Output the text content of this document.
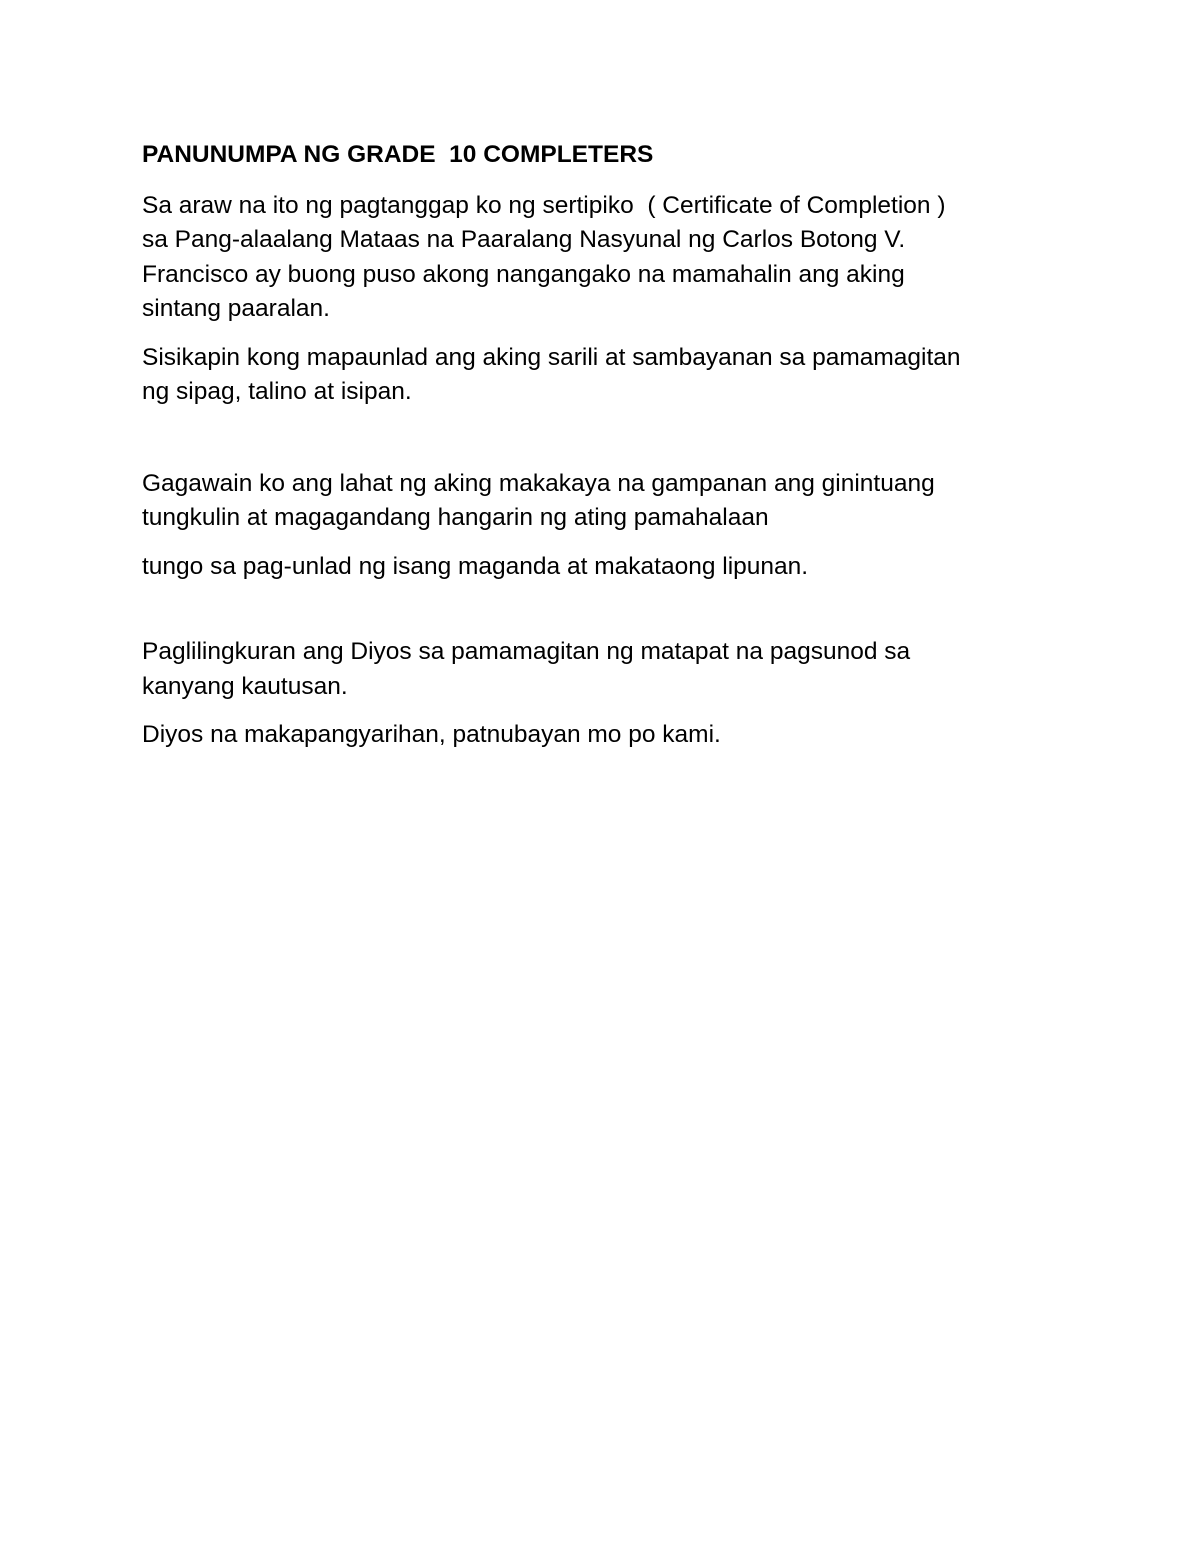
PANUNUMPA NG GRADE  10 COMPLETERS
Sa araw na ito ng pagtanggap ko ng sertipiko  ( Certificate of Completion )
sa Pang-alaalang Mataas na Paaralang Nasyunal ng Carlos Botong V.
Francisco ay buong puso akong nangangako na mamahalin ang aking
sintang paaralan.
Sisikapin kong mapaunlad ang aking sarili at sambayanan sa pamamagitan
ng sipag, talino at isipan.
Gagawain ko ang lahat ng aking makakaya na gampanan ang ginintuang
tungkulin at magagandang hangarin ng ating pamahalaan
tungo sa pag-unlad ng isang maganda at makataong lipunan.
Paglilingkuran ang Diyos sa pamamagitan ng matapat na pagsunod sa
kanyang kautusan.
Diyos na makapangyarihan, patnubayan mo po kami.
